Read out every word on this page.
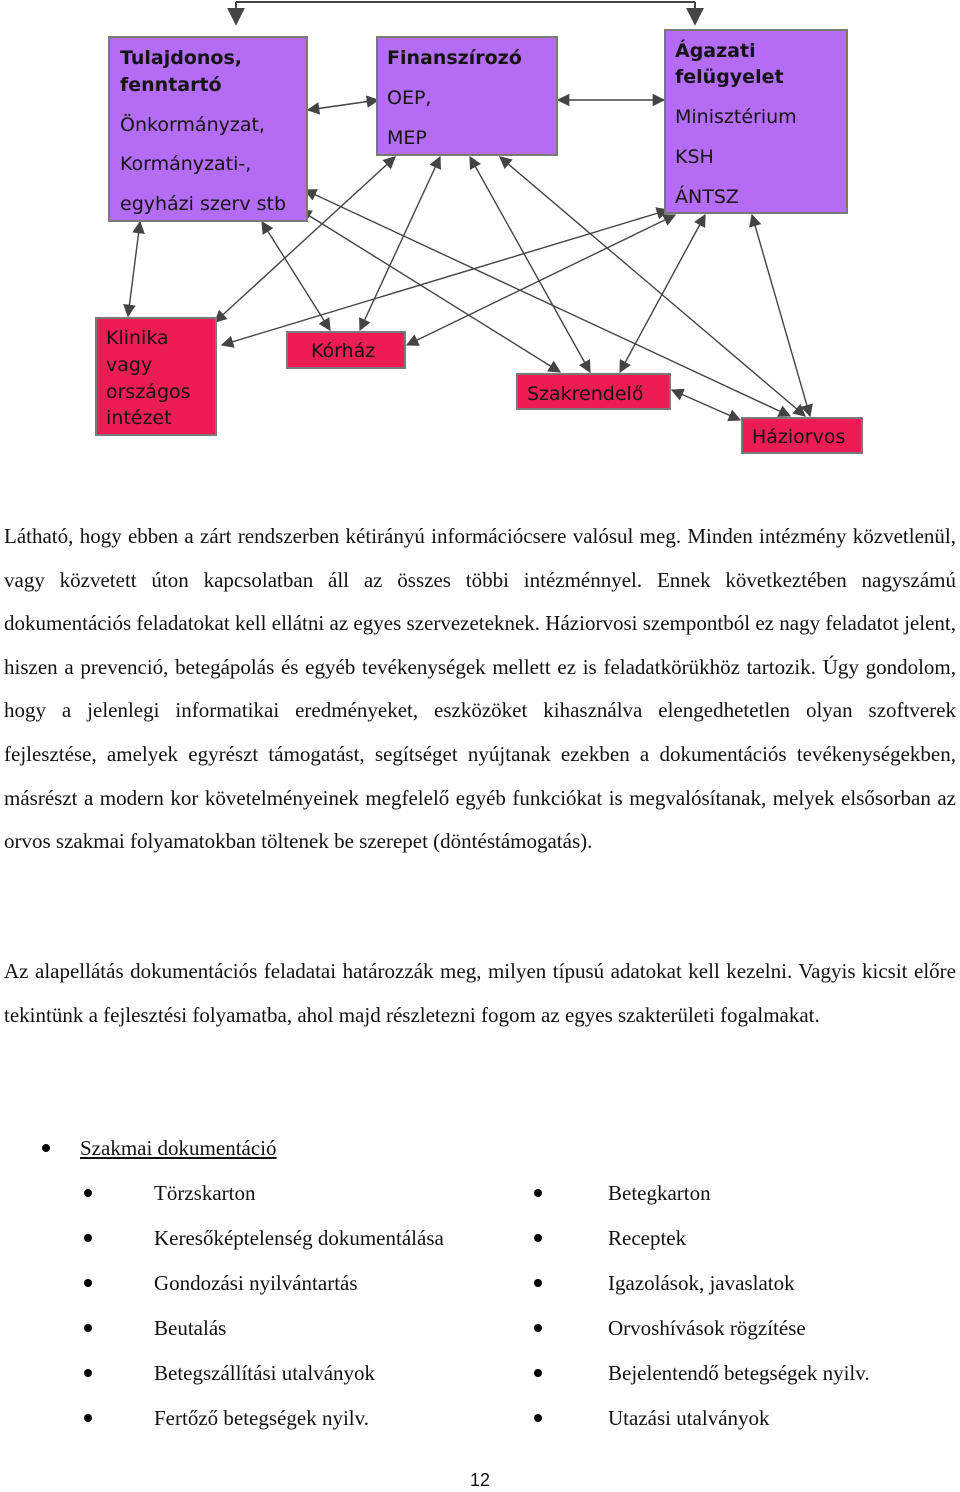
Tulajdonos,
fenntartó
Önkormányzat,
Kormányzati-,
egyházi szerv stb
Finanszírozó
OEP,
MEP
Ágazati
felügyelet
Minisztérium
KSH
ÁNTSZ
Klinika
vagy
országos
intézet
Kórház
Szakrendelő
Háziorvos

Látható, hogy ebben a zárt rendszerben kétirányú információcsere valósul meg. Minden intézmény közvetlenül, vagy közvetett úton kapcsolatban áll az összes többi intézménnyel. Ennek következtében nagyszámú dokumentációs feladatokat kell ellátni az egyes szervezeteknek. Háziorvosi szempontból ez nagy feladatot jelent, hiszen a prevenció, betegápolás és egyéb tevékenységek mellett ez is feladatkörükhöz tartozik. Úgy gondolom, hogy a jelenlegi informatikai eredményeket, eszközöket kihasználva elengedhetetlen olyan szoftverek fejlesztése, amelyek egyrészt támogatást, segítséget nyújtanak ezekben a dokumentációs tevékenységekben, másrészt a modern kor követelményeinek megfelelő egyéb funkciókat is megvalósítanak, melyek elsősorban az orvos szakmai folyamatokban töltenek be szerepet (döntéstámogatás).

Az alapellátás dokumentációs feladatai határozzák meg, milyen típusú adatokat kell kezelni. Vagyis kicsit előre tekintünk a fejlesztési folyamatba, ahol majd részletezni fogom az egyes szakterületi fogalmakat.

Szakmai dokumentáció
Törzskarton
Keresőképtelenség dokumentálása
Gondozási nyilvántartás
Beutalás
Betegszállítási utalványok
Fertőző betegségek nyilv.
Betegkarton
Receptek
Igazolások, javaslatok
Orvoshívások rögzítése
Bejelentendő betegségek nyilv.
Utazási utalványok
12
